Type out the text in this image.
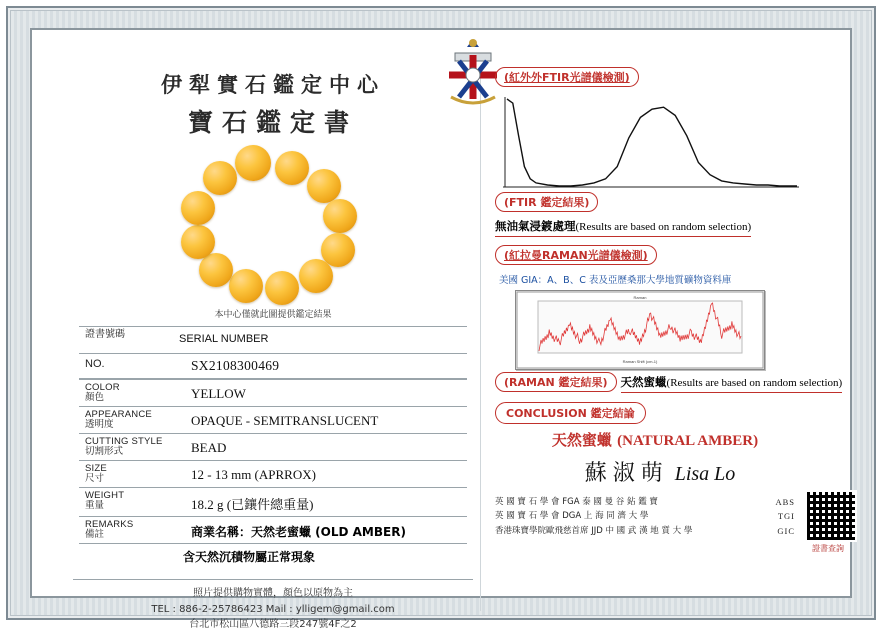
伊犁實石鑑定中心
寶石鑑定書
本中心僅就此圖提供鑑定結果
證書號碼	SERIAL NUMBER
NO.	SX2108300469
COLOR
顏色	YELLOW
APPEARANCE
透明度	OPAQUE - SEMITRANSLUCENT
CUTTING STYLE
切割形式	BEAD
SIZE
尺寸	12 - 13 mm (APRROX)
WEIGHT
重量	18.2 g (已鑲件總重量)
REMARKS
備註	商業名稱：天然老蜜蠟 (OLD AMBER)
含天然沉積物屬正常現象
照片提供購物實體，顏色以原物為主
TEL : 886-2-25786423 Mail : ylligem@gmail.com
台北市松山區八德路三段247號4F之2
(紅外外FTIR光譜儀檢測)
(FTIR 鑑定結果) 無油氣浸鍍處理(Results are based on random selection)
(紅拉曼RAMAN光譜儀檢測)
美國 GIA：A、B、C 表及亞歷桑那大學地質礦物資料庫
Raman
Raman Shift (cm-1)
(RAMAN 鑑定結果) 天然蜜蠟(Results are based on random selection) CONCLUSION 鑑定結論
天然蜜蠟 (NATURAL AMBER)
蘇淑萌 Lisa Lo
英 國 寶 石 學 會 FGA 泰 國 曼 谷 鉆 鑑 寶	ABS
英 國 寶 石 學 會 DGA 上 海 同 濟 大 學	TGI
香港珠寶學院歐飛慈首席 JJD 中 國 武 漢 地 質 大 學	GIC
證書查詢
